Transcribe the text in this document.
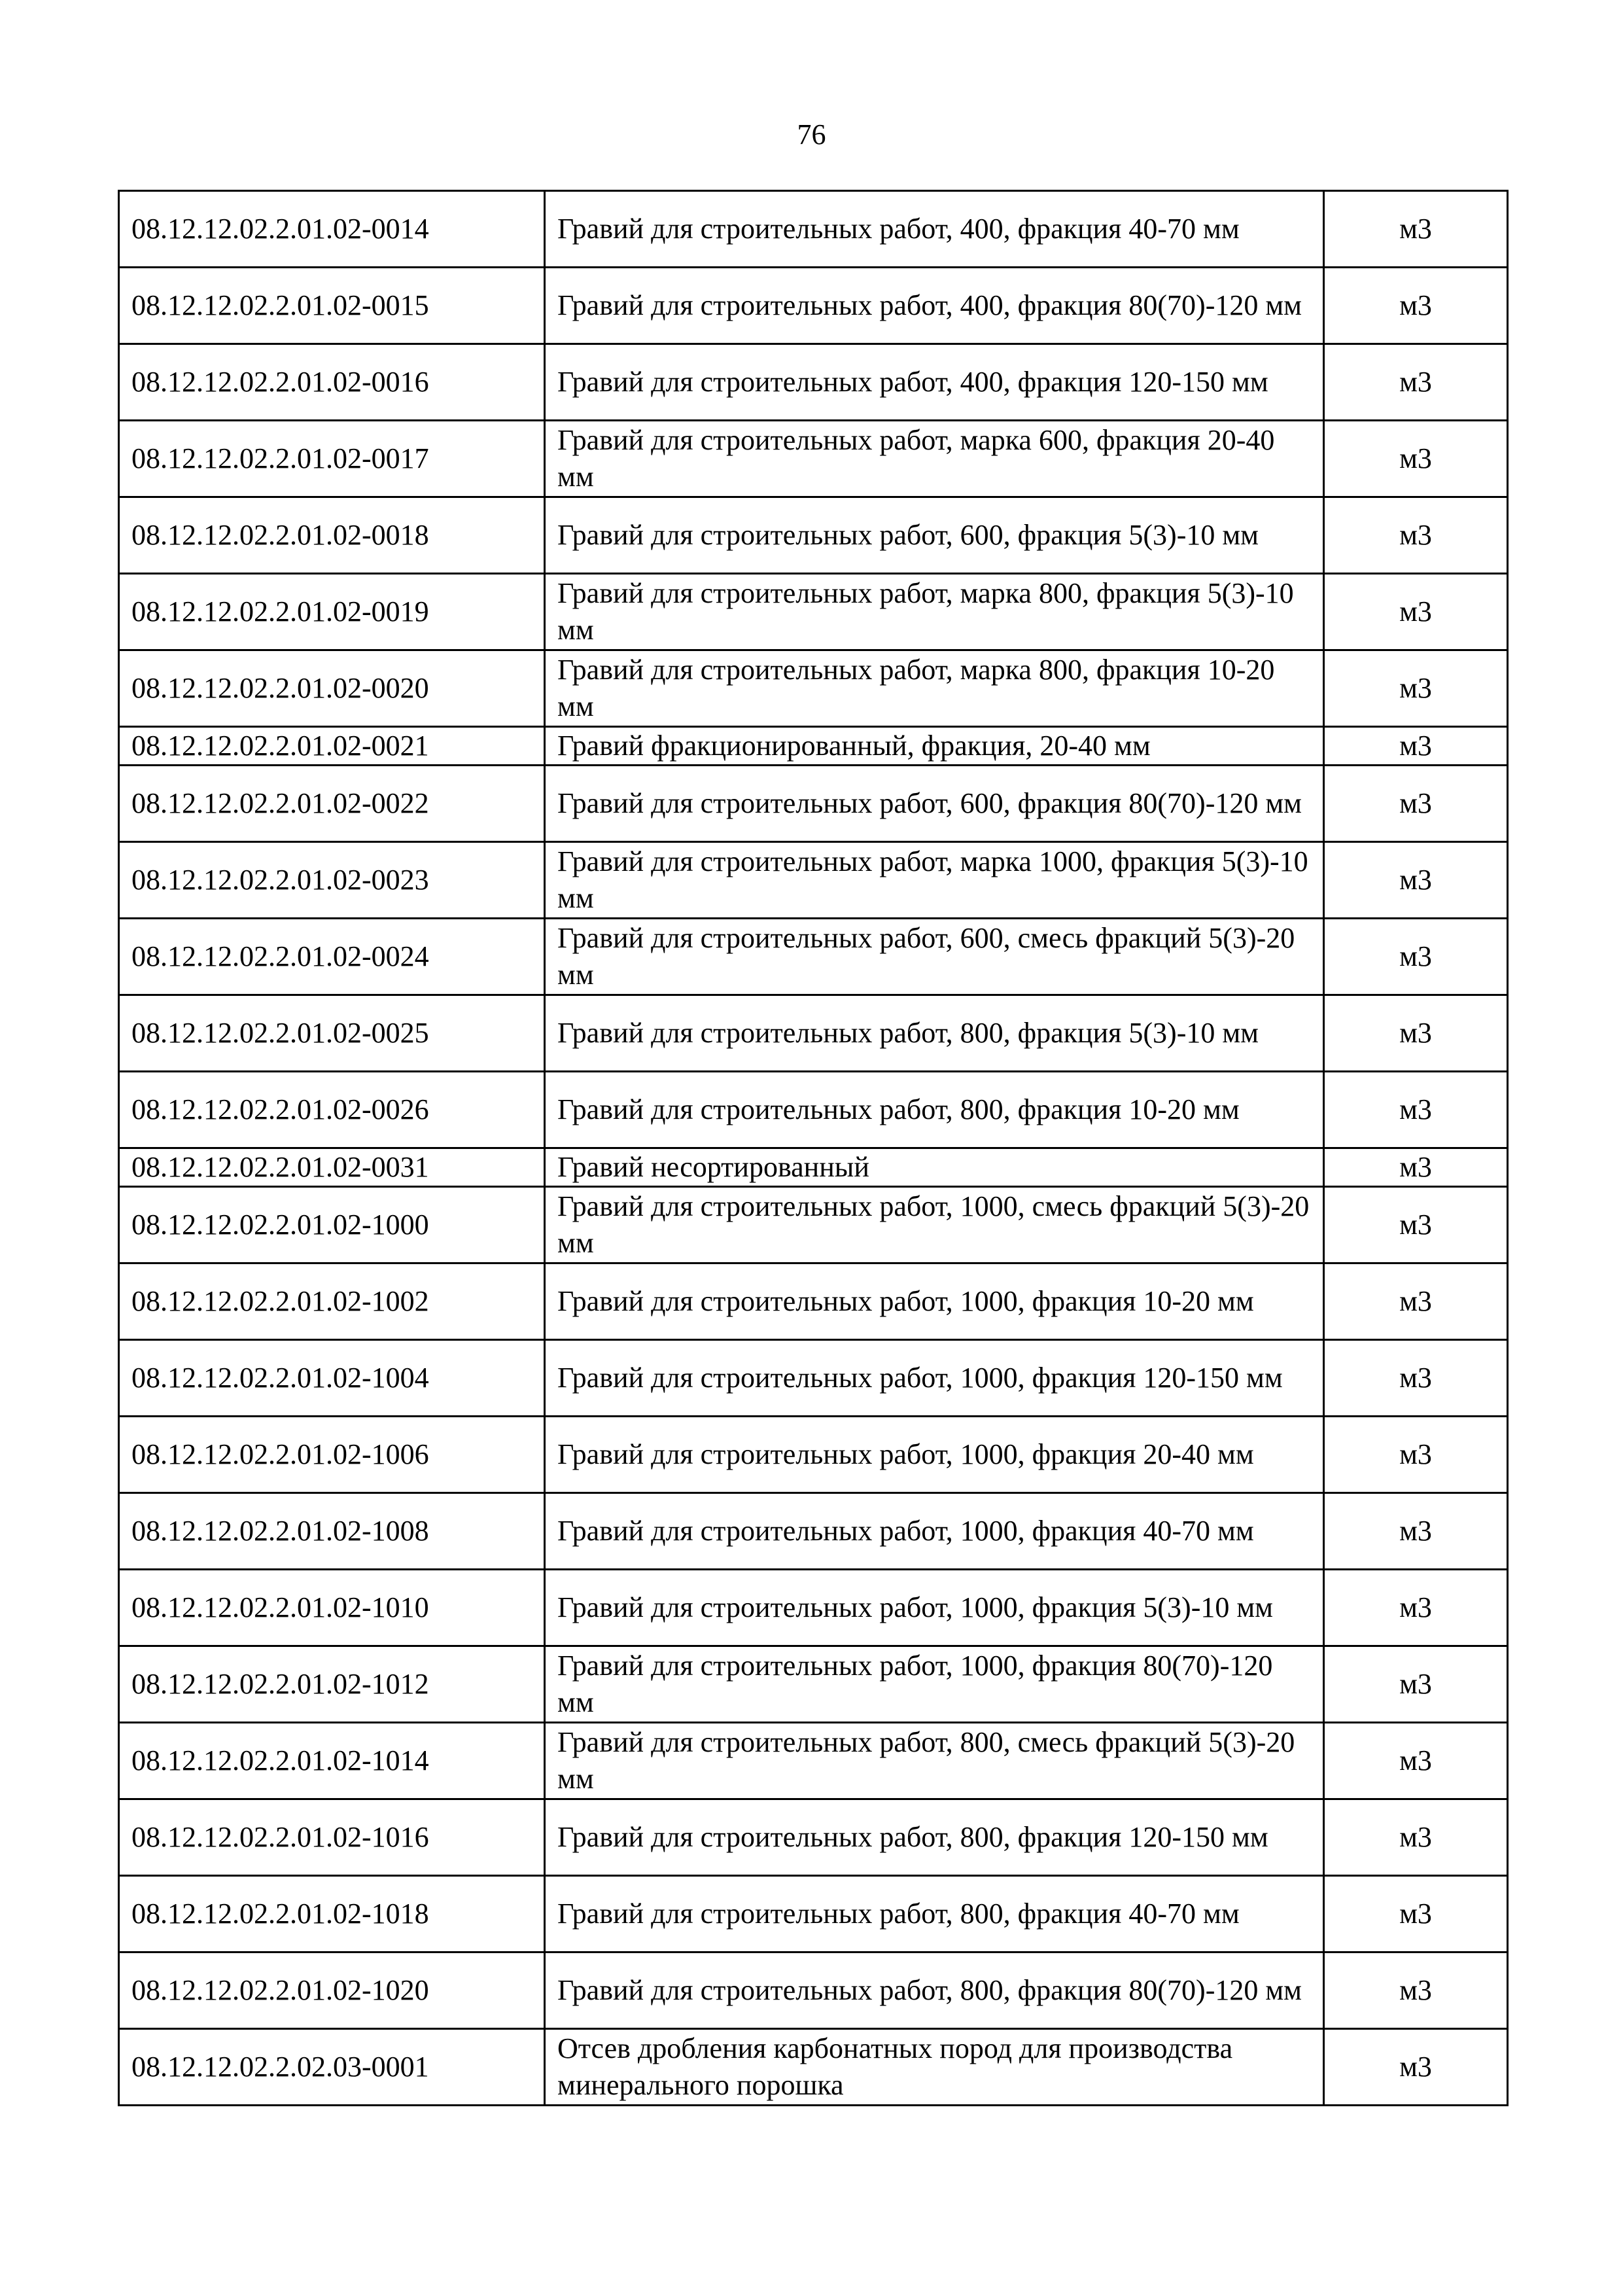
76
08.12.12.02.2.01.02-0014	Гравий для строительных работ, 400, фракция 40-70 мм	м3
08.12.12.02.2.01.02-0015	Гравий для строительных работ, 400, фракция 80(70)-120 мм	м3
08.12.12.02.2.01.02-0016	Гравий для строительных работ, 400, фракция 120-150 мм	м3
08.12.12.02.2.01.02-0017	Гравий для строительных работ, марка 600, фракция 20-40 мм	м3
08.12.12.02.2.01.02-0018	Гравий для строительных работ, 600, фракция 5(3)-10 мм	м3
08.12.12.02.2.01.02-0019	Гравий для строительных работ, марка 800, фракция 5(3)-10 мм	м3
08.12.12.02.2.01.02-0020	Гравий для строительных работ, марка 800, фракция 10-20 мм	м3
08.12.12.02.2.01.02-0021	Гравий фракционированный, фракция, 20-40 мм	м3
08.12.12.02.2.01.02-0022	Гравий для строительных работ, 600, фракция 80(70)-120 мм	м3
08.12.12.02.2.01.02-0023	Гравий для строительных работ, марка 1000, фракция 5(3)-10 мм	м3
08.12.12.02.2.01.02-0024	Гравий для строительных работ, 600, смесь фракций 5(3)-20 мм	м3
08.12.12.02.2.01.02-0025	Гравий для строительных работ, 800, фракция 5(3)-10 мм	м3
08.12.12.02.2.01.02-0026	Гравий для строительных работ, 800, фракция 10-20 мм	м3
08.12.12.02.2.01.02-0031	Гравий несортированный	м3
08.12.12.02.2.01.02-1000	Гравий для строительных работ, 1000, смесь фракций 5(3)-20 мм	м3
08.12.12.02.2.01.02-1002	Гравий для строительных работ, 1000, фракция 10-20 мм	м3
08.12.12.02.2.01.02-1004	Гравий для строительных работ, 1000, фракция 120-150 мм	м3
08.12.12.02.2.01.02-1006	Гравий для строительных работ, 1000, фракция 20-40 мм	м3
08.12.12.02.2.01.02-1008	Гравий для строительных работ, 1000, фракция 40-70 мм	м3
08.12.12.02.2.01.02-1010	Гравий для строительных работ, 1000, фракция 5(3)-10 мм	м3
08.12.12.02.2.01.02-1012	Гравий для строительных работ, 1000, фракция 80(70)-120 мм	м3
08.12.12.02.2.01.02-1014	Гравий для строительных работ, 800, смесь фракций 5(3)-20 мм	м3
08.12.12.02.2.01.02-1016	Гравий для строительных работ, 800, фракция 120-150 мм	м3
08.12.12.02.2.01.02-1018	Гравий для строительных работ, 800, фракция 40-70 мм	м3
08.12.12.02.2.01.02-1020	Гравий для строительных работ, 800, фракция 80(70)-120 мм	м3
08.12.12.02.2.02.03-0001	Отсев дробления карбонатных пород для производства минерального порошка	м3
